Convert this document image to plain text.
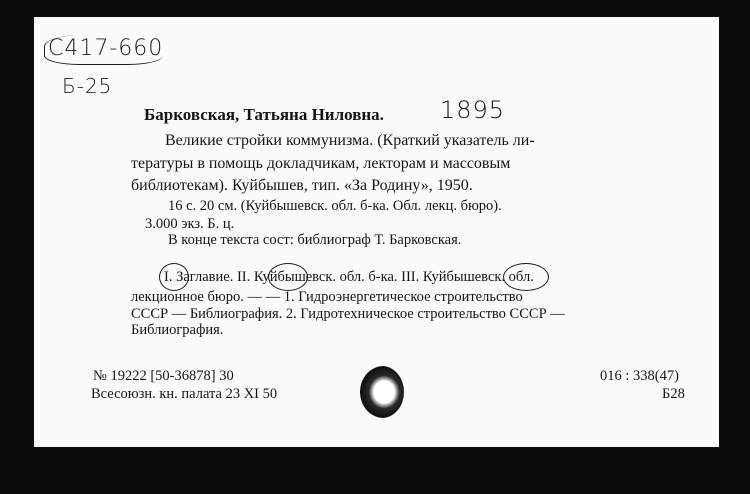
С417-660
Б-25
Барковская, Татьяна Ниловна. 1895
Великие стройки коммунизма. (Краткий указатель ли-
тературы в помощь докладчикам, лекторам и массовым
библиотекам). Куйбышев, тип. «За Родину», 1950.
16 с. 20 см. (Куйбышевск. обл. б-ка. Обл. лекц. бюро).
3.000 экз. Б. ц.
В конце текста сост: библиограф Т. Барковская.
I. Заглавие. II. Куйбышевск. обл. б-ка. III. Куйбышевск. обл.
лекционное бюро. — — 1. Гидроэнергетическое строительство
СССР — Библиография. 2. Гидротехническое строительство СССР —
Библиография.
№ 19222 [50-36878] 30
Всесоюзн. кн. палата 23 XI 50
016 : 338(47)
Б28
